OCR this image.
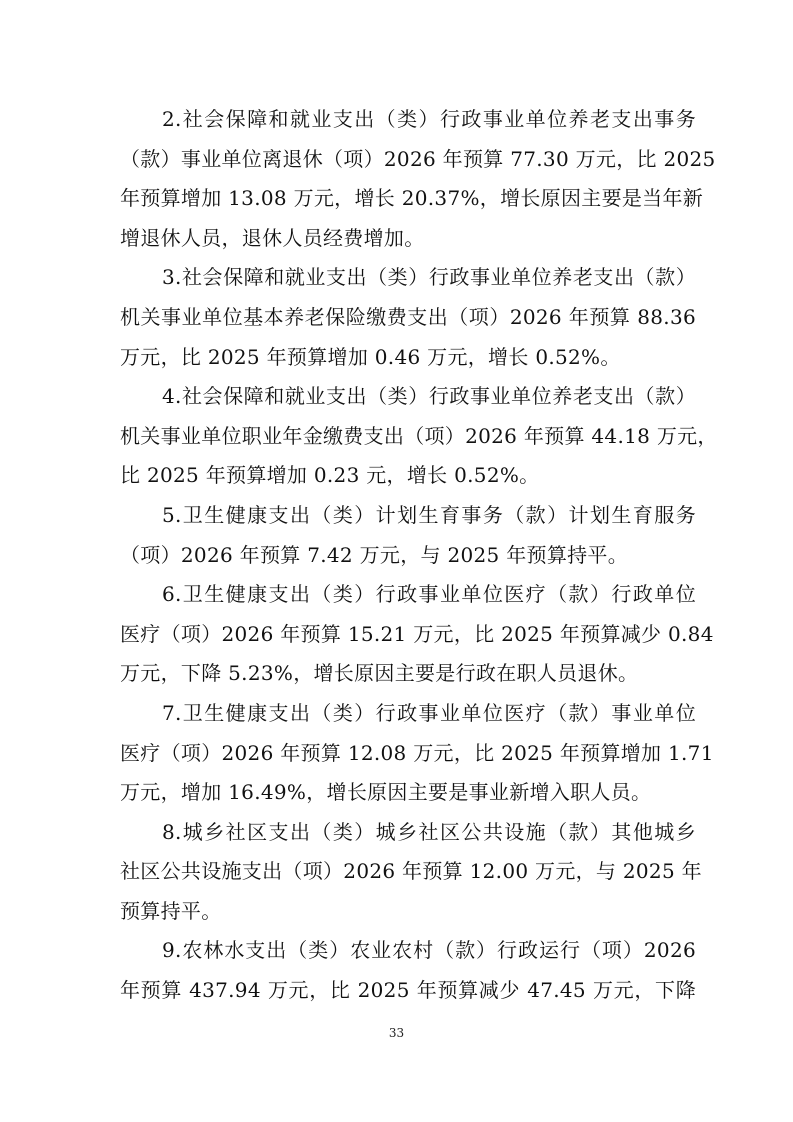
2.社会保障和就业支出（类）行政事业单位养老支出事务
（款）事业单位离退休（项）2026 年预算 77.30 万元，比 2025
年预算增加 13.08 万元，增长 20.37%，增长原因主要是当年新
增退休人员，退休人员经费增加。
3.社会保障和就业支出（类）行政事业单位养老支出（款）
机关事业单位基本养老保险缴费支出（项）2026 年预算 88.36
万元，比 2025 年预算增加 0.46 万元，增长 0.52%。
4.社会保障和就业支出（类）行政事业单位养老支出（款）
机关事业单位职业年金缴费支出（项）2026 年预算 44.18 万元，
比 2025 年预算增加 0.23 元，增长 0.52%。
5.卫生健康支出（类）计划生育事务（款）计划生育服务
（项）2026 年预算 7.42 万元，与 2025 年预算持平。
6.卫生健康支出（类）行政事业单位医疗（款）行政单位
医疗（项）2026 年预算 15.21 万元，比 2025 年预算减少 0.84
万元，下降 5.23%，增长原因主要是行政在职人员退休。
7.卫生健康支出（类）行政事业单位医疗（款）事业单位
医疗（项）2026 年预算 12.08 万元，比 2025 年预算增加 1.71
万元，增加 16.49%，增长原因主要是事业新增入职人员。
8.城乡社区支出（类）城乡社区公共设施（款）其他城乡
社区公共设施支出（项）2026 年预算 12.00 万元，与 2025 年
预算持平。
9.农林水支出（类）农业农村（款）行政运行（项）2026
年预算 437.94 万元，比 2025 年预算减少 47.45 万元，下降
33
